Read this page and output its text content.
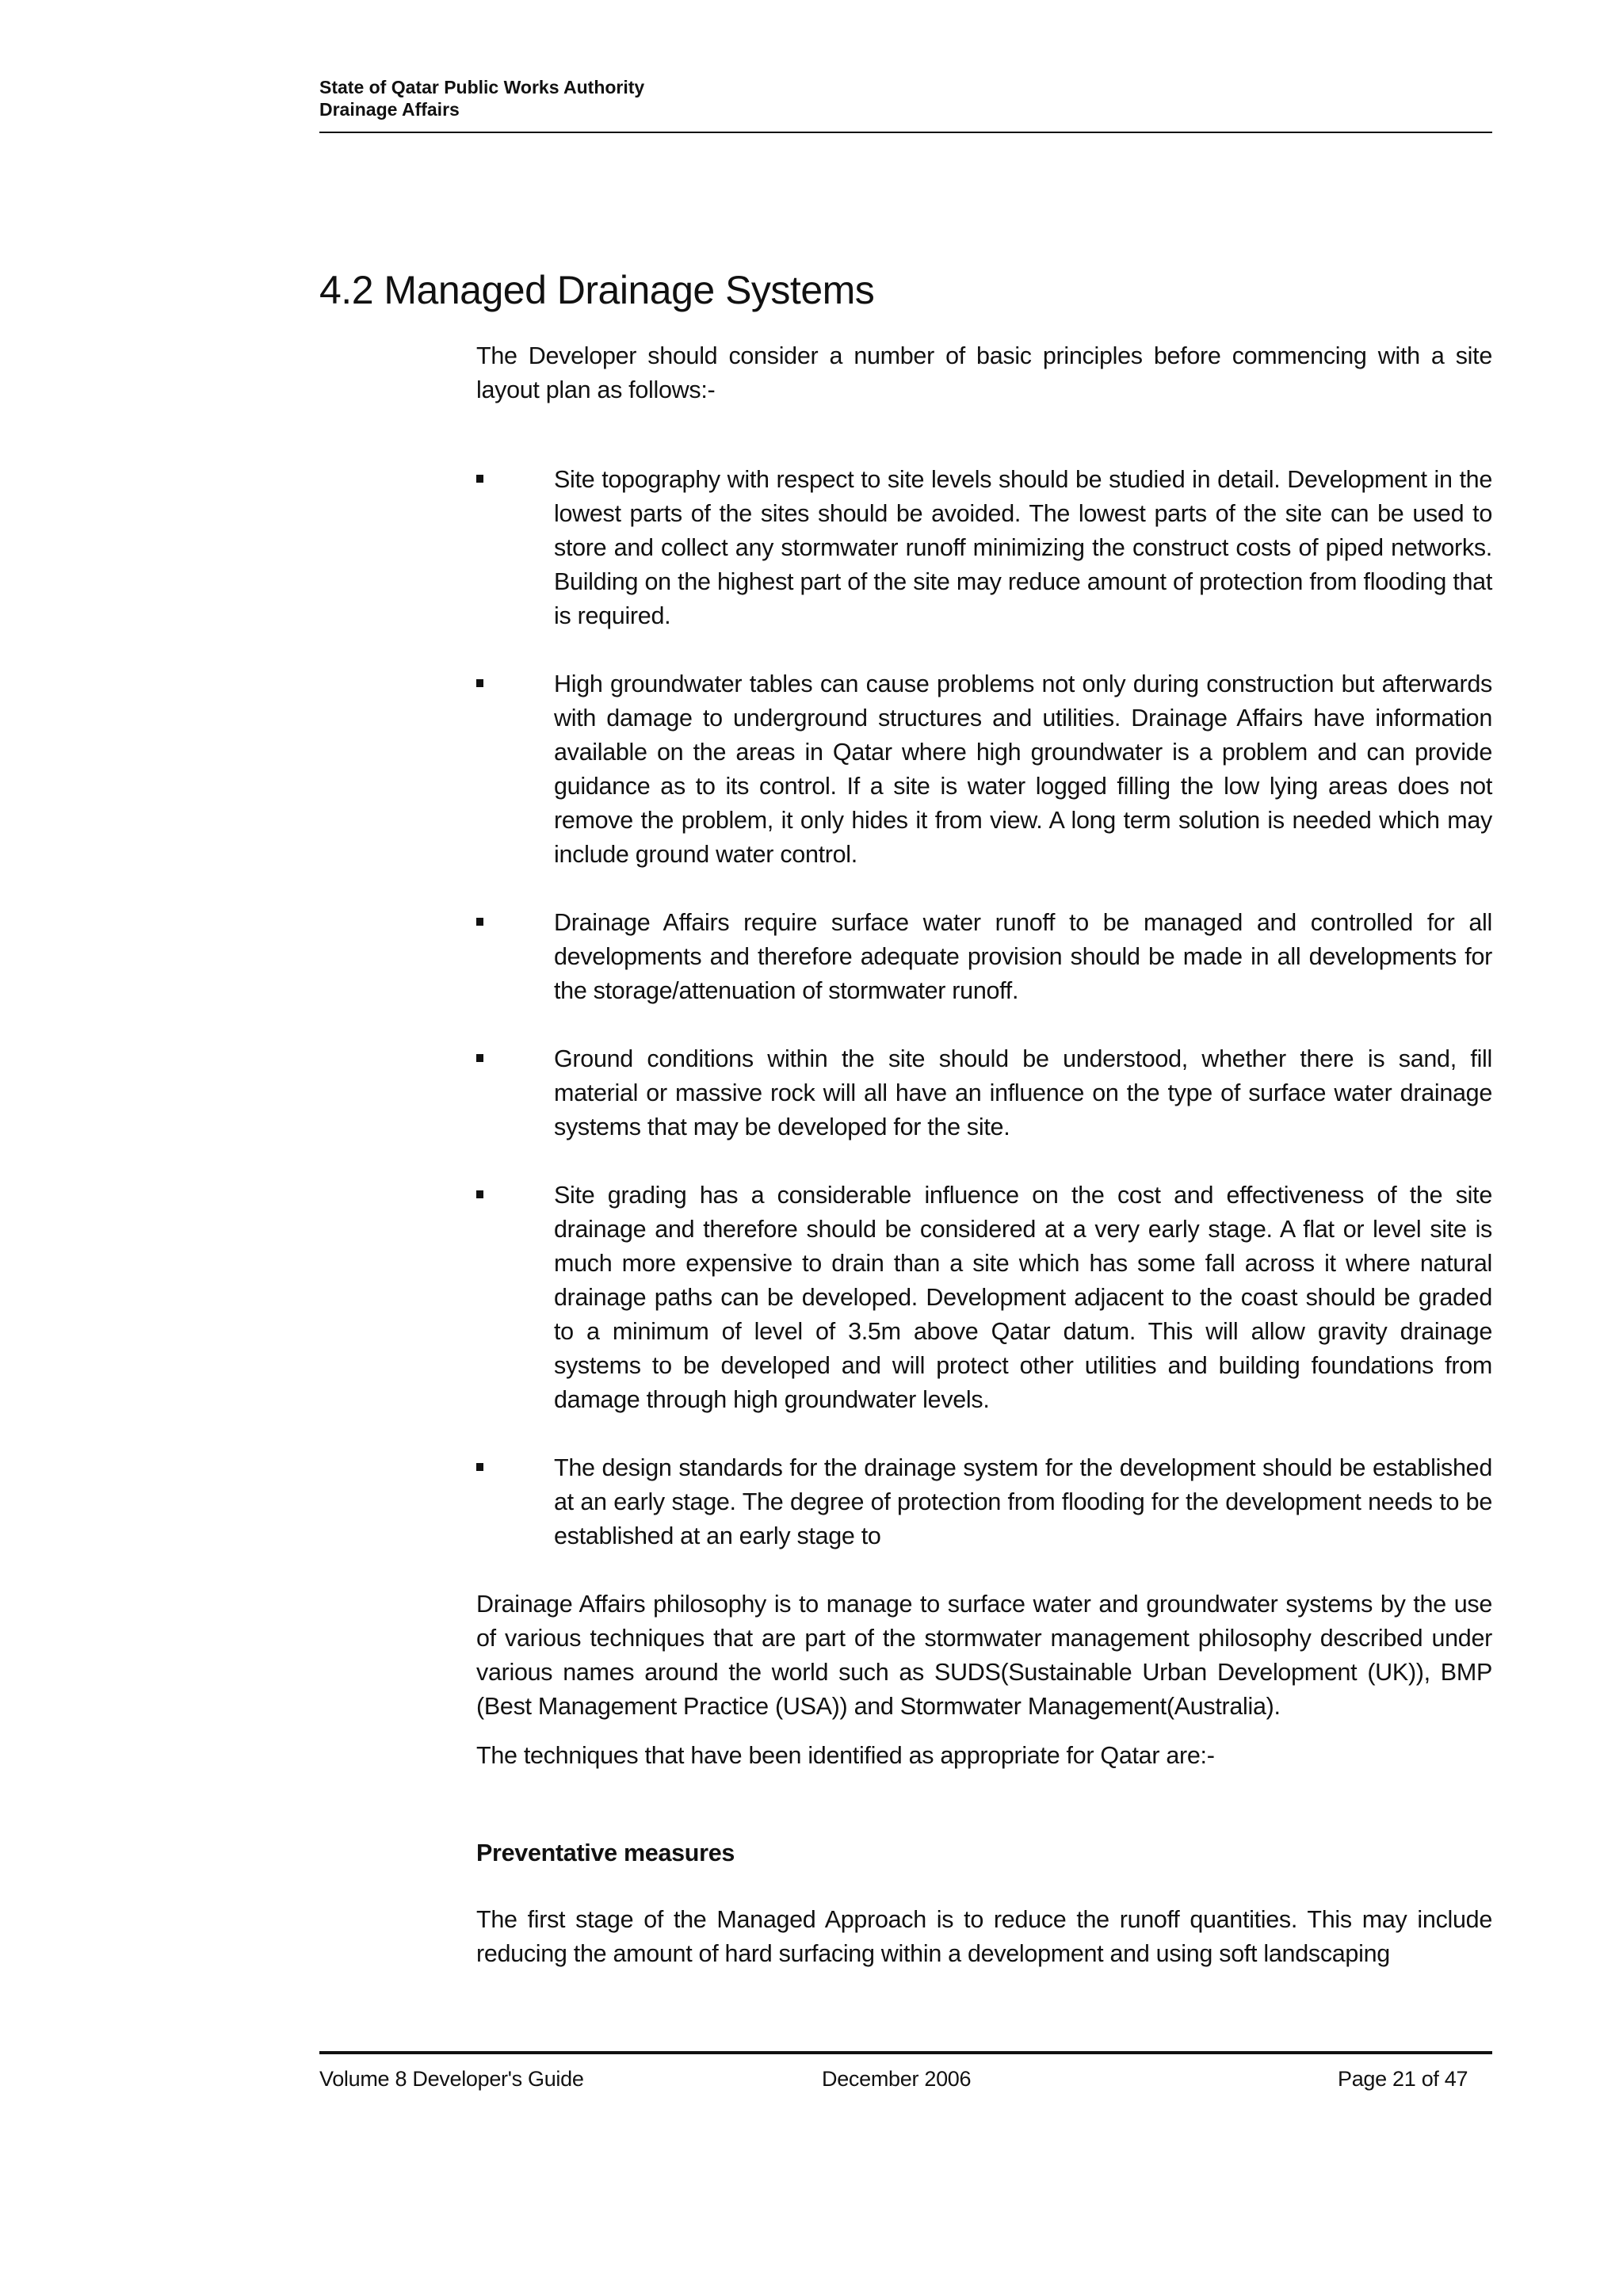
State of Qatar Public Works Authority
Drainage Affairs
4.2 Managed Drainage Systems

The Developer should consider a number of basic principles before commencing with a site layout plan as follows:-

Site topography with respect to site levels should be studied in detail. Development in the lowest parts of the sites should be avoided. The lowest parts of the site can be used to store and collect any stormwater runoff minimizing the construct costs of piped networks. Building on the highest part of the site may reduce amount of protection from flooding that is required.
High groundwater tables can cause problems not only during construction but afterwards with damage to underground structures and utilities. Drainage Affairs have information available on the areas in Qatar where high groundwater is a problem and can provide guidance as to its control. If a site is water logged filling the low lying areas does not remove the problem, it only hides it from view. A long term solution is needed which may include ground water control.
Drainage Affairs require surface water runoff to be managed and controlled for all developments and therefore adequate provision should be made in all developments for the storage/attenuation of stormwater runoff.
Ground conditions within the site should be understood, whether there is sand, fill material or massive rock will all have an influence on the type of surface water drainage systems that may be developed for the site.
Site grading has a considerable influence on the cost and effectiveness of the site drainage and therefore should be considered at a very early stage. A flat or level site is much more expensive to drain than a site which has some fall across it where natural drainage paths can be developed. Development adjacent to the coast should be graded to a minimum of level of 3.5m above Qatar datum. This will allow gravity drainage systems to be developed and will protect other utilities and building foundations from damage through high groundwater levels.
The design standards for the drainage system for the development should be established at an early stage. The degree of protection from flooding for the development needs to be established at an early stage to

Drainage Affairs philosophy is to manage to surface water and groundwater systems by the use of various techniques that are part of the stormwater management philosophy described under various names around the world such as SUDS(Sustainable Urban Development (UK)), BMP (Best Management Practice (USA)) and Stormwater Management(Australia).

The techniques that have been identified as appropriate for Qatar are:-

Preventative measures

The first stage of the Managed Approach is to reduce the runoff quantities. This may include reducing the amount of hard surfacing within a development and using soft landscaping

Volume 8 Developer's Guide	December 2006	Page 21 of 47
